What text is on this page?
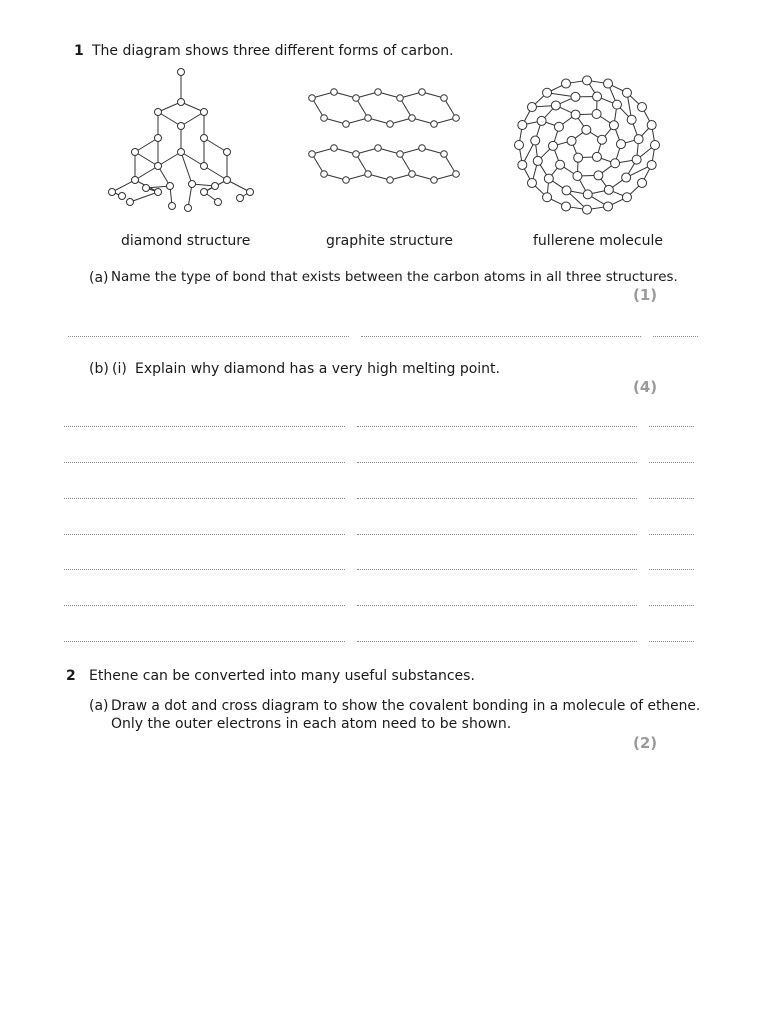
1 The diagram shows three different forms of carbon.
diamond structure	graphite structure	fullerene molecule
(a) Name the type of bond that exists between the carbon atoms in all three structures.
(1)
(b) (i) Explain why diamond has a very high melting point.
(4)
2 Ethene can be converted into many useful substances.
(a) Draw a dot and cross diagram to show the covalent bonding in a molecule of ethene.
Only the outer electrons in each atom need to be shown.
(2)
